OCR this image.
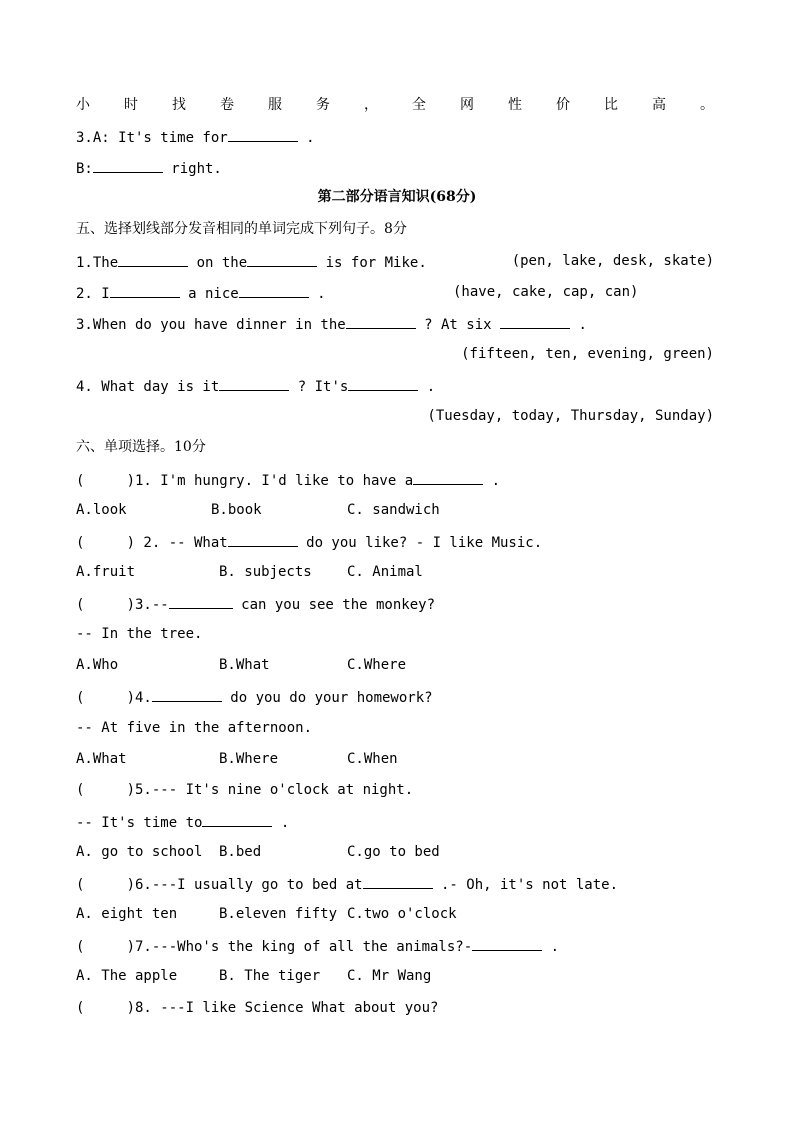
小 时 找 卷 服 务 ， 全 网 性 价 比 高 。
3.A: It's time for	.
B:	right.
第二部分语言知识(68分)
五、选择划线部分发音相同的单词完成下列句子。8分
1.The	on the	is for Mike.	(pen, lake, desk, skate)
2. I	a nice	.	(have, cake, cap, can)
3.When do you have dinner in the	? At six	.
(fifteen, ten, evening, green)
4. What day is it	? It's	.
(Tuesday, today, Thursday, Sunday)
六、单项选择。10分
(     )1. I'm hungry. I'd like to have a	.
A.look	B.book	C. sandwich
(     ) 2. -- What	do you like? - I like Music.
A.fruit	B. subjects	C. Animal
(     )3.--	can you see the monkey?
-- In the tree.
A.Who	B.What	C.Where
(     )4.	do you do your homework?
-- At five in the afternoon.
A.What	B.Where	C.When
(     )5.--- It's nine o'clock at night.
-- It's time to	.
A. go to school B.bed	C.go to bed
(     )6.---I usually go to bed at	.- Oh, it's not late.
A. eight ten	B.eleven fifty C.two o'clock
(     )7.---Who's the king of all the animals?-	.
A. The apple	B. The tiger C. Mr Wang
(     )8. ---I like Science What about you?
